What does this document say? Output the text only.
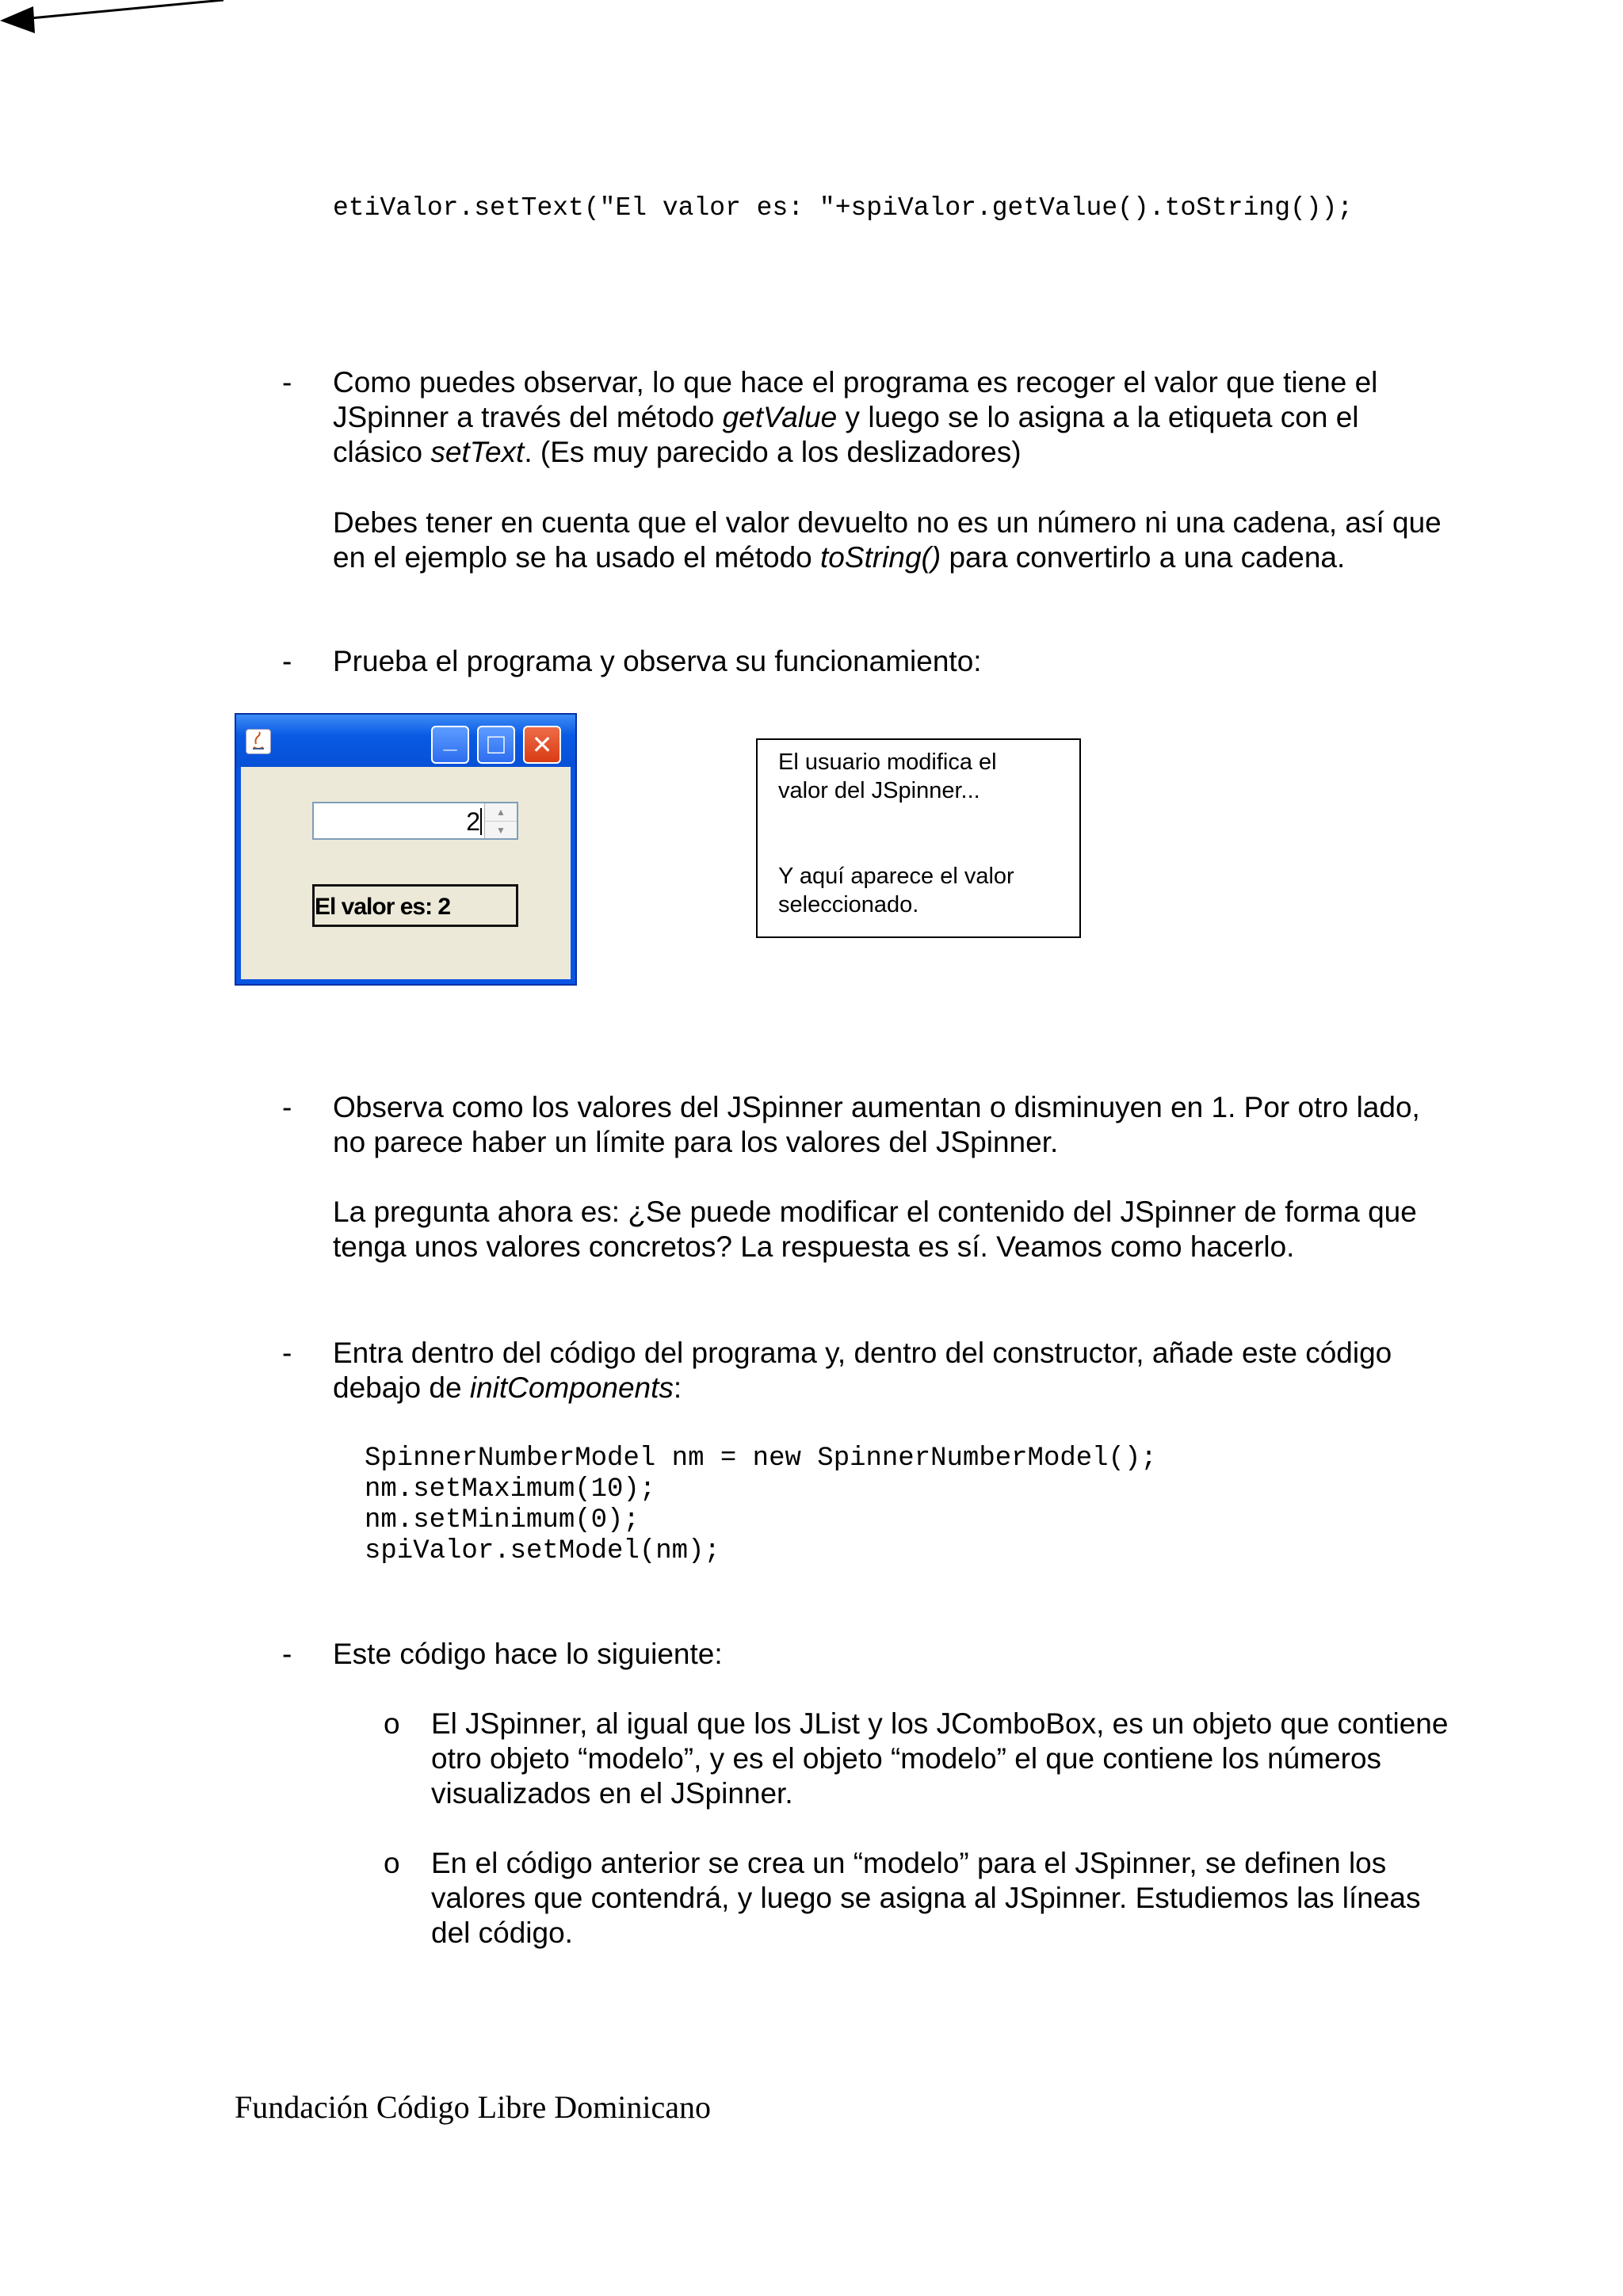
etiValor.setText("El valor es: "+spiValor.getValue().toString());
- Como puedes observar, lo que hace el programa es recoger el valor que tiene el
JSpinner a través del método getValue y luego se lo asigna a la etiqueta con el
clásico setText. (Es muy parecido a los deslizadores)
Debes tener en cuenta que el valor devuelto no es un número ni una cadena, así que
en el ejemplo se ha usado el método toString() para convertirlo a una cadena.
- Prueba el programa y observa su funcionamiento:
_	□	✕
2	▲
▼
El valor es: 2
El usuario modifica el
valor del JSpinner...
Y aquí aparece el valor
seleccionado.
- Observa como los valores del JSpinner aumentan o disminuyen en 1. Por otro lado,
no parece haber un límite para los valores del JSpinner.
La pregunta ahora es: ¿Se puede modificar el contenido del JSpinner de forma que
tenga unos valores concretos? La respuesta es sí. Veamos como hacerlo.
- Entra dentro del código del programa y, dentro del constructor, añade este código
debajo de initComponents:
SpinnerNumberModel nm = new SpinnerNumberModel();
nm.setMaximum(10);
nm.setMinimum(0);
spiValor.setModel(nm);
- Este código hace lo siguiente:
o El JSpinner, al igual que los JList y los JComboBox, es un objeto que contiene
otro objeto “modelo”, y es el objeto “modelo” el que contiene los números
visualizados en el JSpinner.
o En el código anterior se crea un “modelo” para el JSpinner, se definen los
valores que contendrá, y luego se asigna al JSpinner. Estudiemos las líneas
del código.
Fundación Código Libre Dominicano
